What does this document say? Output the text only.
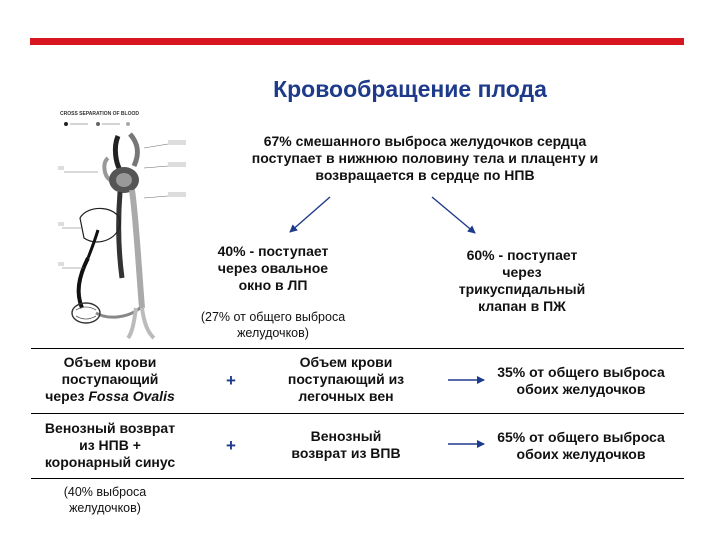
Кровообращение плода
67% смешанного выброса желудочков сердца
поступает в нижнюю половину тела и плаценту и
возвращается в сердце по НПВ
40% - поступает
через овальное
окно в ЛП
(27% от общего выброса
желудочков)
60% - поступает
через
трикуспидальный
клапан в ПЖ
Объем крови
поступающий
через Fossa Ovalis
+
Объем крови
поступающий из
легочных вен
35% от общего выброса
обоих желудочков
Венозный возврат
из НПВ +
коронарный синус
+	Венозный
возврат из ВПВ
65% от общего выброса
обоих желудочков
(40% выброса
желудочков)
CROSS SEPARATION OF BLOOD
